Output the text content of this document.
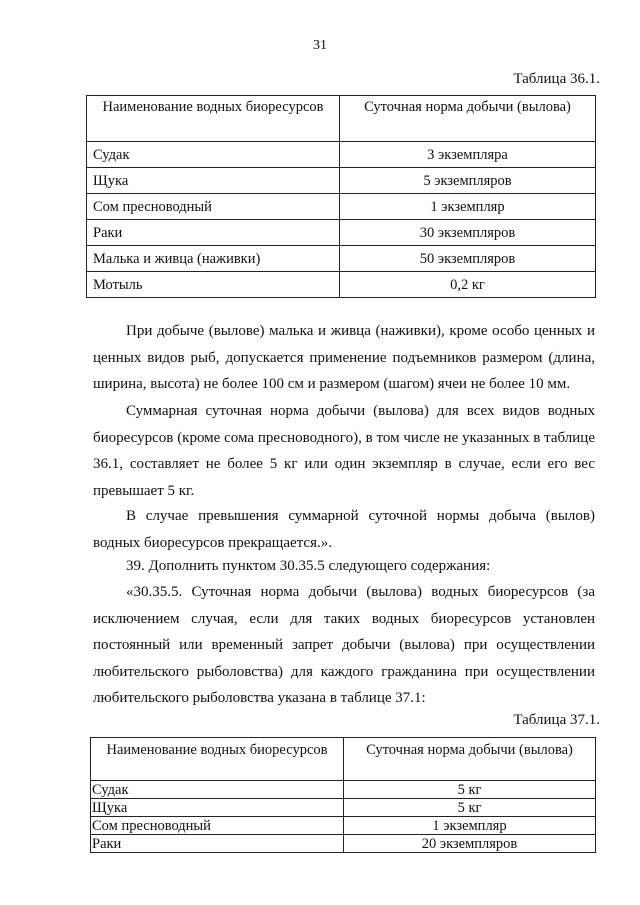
31
Таблица 36.1.
Наименование водных биоресурсов	Суточная норма добычи (вылова)
Судак	3 экземпляра
Щука	5 экземпляров
Сом пресноводный	1 экземпляр
Раки	30 экземпляров
Малька и живца (наживки)	50 экземпляров
Мотыль	0,2 кг

При добыче (вылове) малька и живца (наживки), кроме особо ценных и ценных видов рыб, допускается применение подъемников размером (длина, ширина, высота) не более 100 см и размером (шагом) ячеи не более 10 мм.

Суммарная суточная норма добычи (вылова) для всех видов водных биоресурсов (кроме сома пресноводного), в том числе не указанных в таблице 36.1, составляет не более 5 кг или один экземпляр в случае, если его вес превышает 5 кг.

В случае превышения суммарной суточной нормы добыча (вылов) водных биоресурсов прекращается.».

39. Дополнить пунктом 30.35.5 следующего содержания:

«30.35.5. Суточная норма добычи (вылова) водных биоресурсов (за исключением случая, если для таких водных биоресурсов установлен постоянный или временный запрет добычи (вылова) при осуществлении любительского рыболовства) для каждого гражданина при осуществлении любительского рыболовства указана в таблице 37.1:

Таблица 37.1.
Наименование водных биоресурсов	Суточная норма добычи (вылова)
Судак	5 кг
Щука	5 кг
Сом пресноводный	1 экземпляр
Раки	20 экземпляров
